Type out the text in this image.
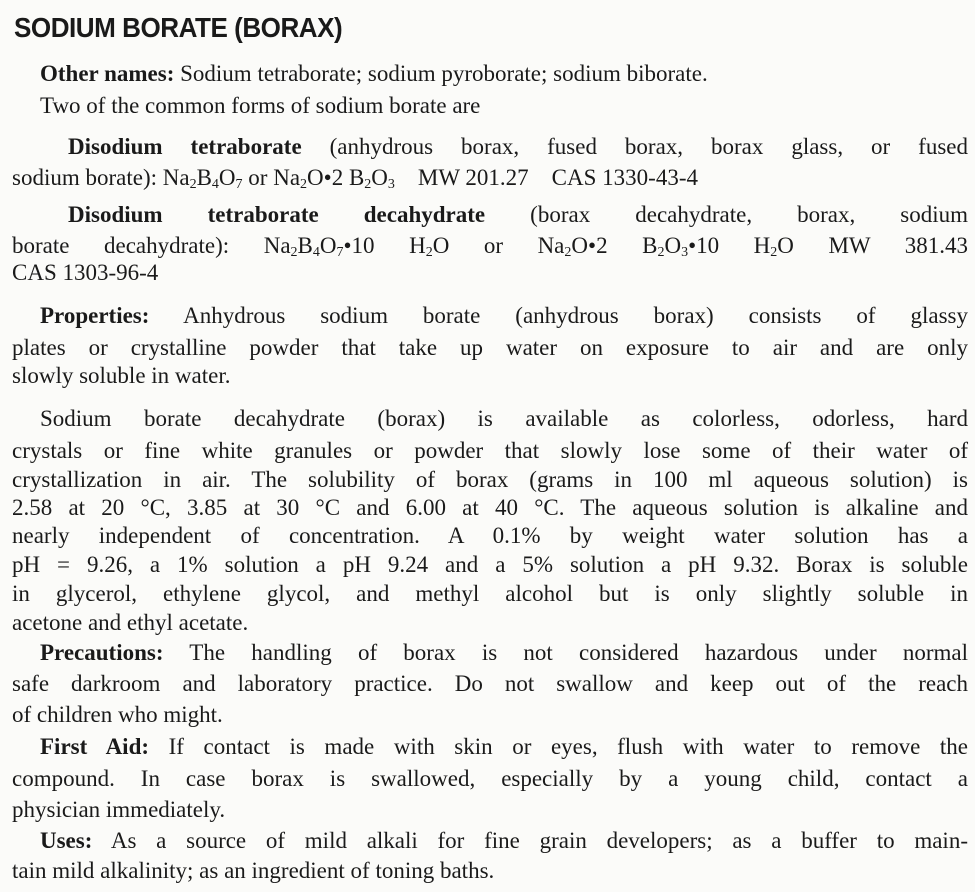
SODIUM BORATE (BORAX)
Other names: Sodium tetraborate; sodium pyroborate; sodium biborate.
Two of the common forms of sodium borate are
Disodium tetraborate (anhydrous borax, fused borax, borax glass, or fused
sodium borate): $Na_2B_4O_7$ or $Na_2O•2$ $B_2O_3$ MW 201.27 CAS 1330-43-4
Disodium tetraborate decahydrate (borax decahydrate, borax, sodium
borate decahydrate): $Na_2B_4O_7•10$ $H_2O$ or $Na_2O•2$ $B_2O_3•10$ $H_2O$ MW 381.43
CAS 1303-96-4
Properties: Anhydrous sodium borate (anhydrous borax) consists of glassy
plates or crystalline powder that take up water on exposure to air and are only
slowly soluble in water.
Sodium borate decahydrate (borax) is available as colorless, odorless, hard
crystals or fine white granules or powder that slowly lose some of their water of
crystallization in air. The solubility of borax (grams in 100 ml aqueous solution) is
2.58 at 20 °C, 3.85 at 30 °C and 6.00 at 40 °C. The aqueous solution is alkaline and
nearly independent of concentration. A 0.1% by weight water solution has a
pH = 9.26, a 1% solution a pH 9.24 and a 5% solution a pH 9.32. Borax is soluble
in glycerol, ethylene glycol, and methyl alcohol but is only slightly soluble in
acetone and ethyl acetate.
Precautions: The handling of borax is not considered hazardous under normal
safe darkroom and laboratory practice. Do not swallow and keep out of the reach
of children who might.
First Aid: If contact is made with skin or eyes, flush with water to remove the
compound. In case borax is swallowed, especially by a young child, contact a
physician immediately.
Uses: As a source of mild alkali for fine grain developers; as a buffer to main-
tain mild alkalinity; as an ingredient of toning baths.
